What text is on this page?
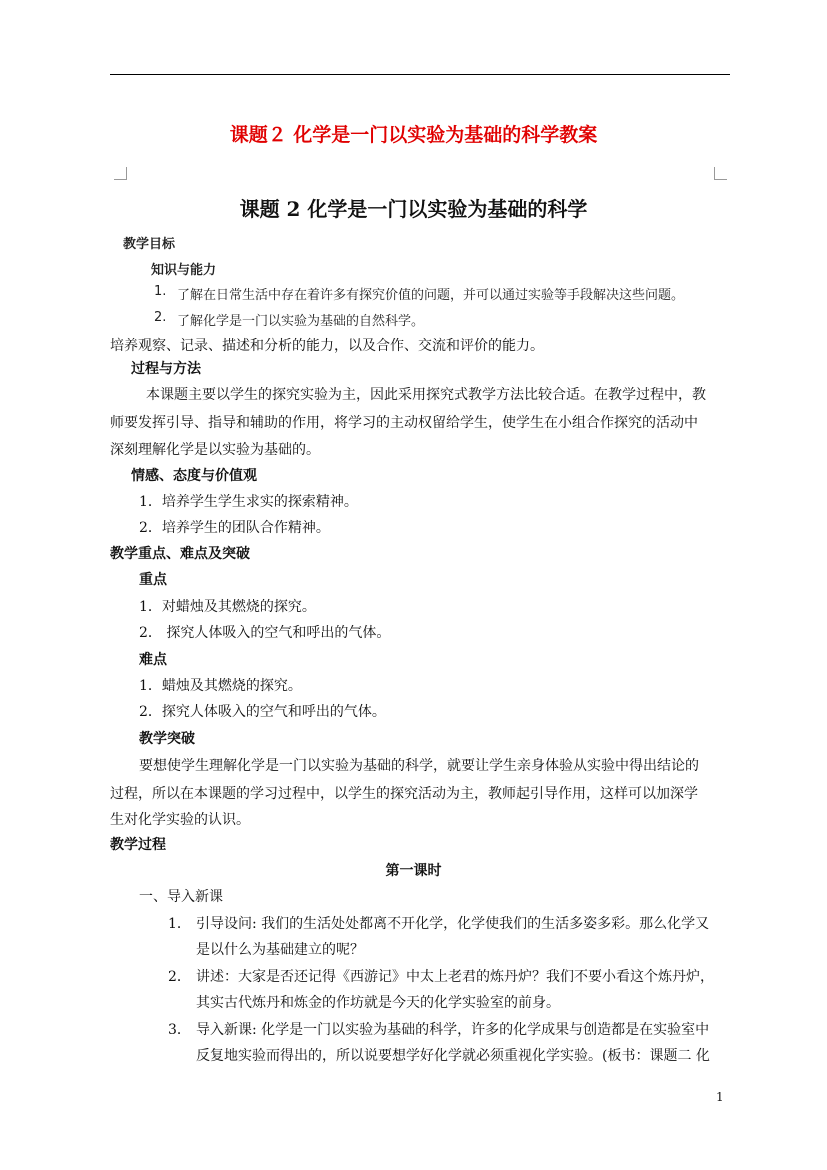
课题２ 化学是一门以实验为基础的科学教案
课题 2 化学是一门以实验为基础的科学
教学目标
知识与能力
1. 了解在日常生活中存在着许多有探究价值的问题，并可以通过实验等手段解决这些问题。
2. 了解化学是一门以实验为基础的自然科学。
培养观察、记录、描述和分析的能力，以及合作、交流和评价的能力。
过程与方法
本课题主要以学生的探究实验为主，因此采用探究式教学方法比较合适。在教学过程中，教
师要发挥引导、指导和辅助的作用，将学习的主动权留给学生，使学生在小组合作探究的活动中
深刻理解化学是以实验为基础的。
情感、态度与价值观
1．培养学生学生求实的探索精神。
2．培养学生的团队合作精神。
教学重点、难点及突破
重点
1．对蜡烛及其燃烧的探究。
2． 探究人体吸入的空气和呼出的气体。
难点
1．蜡烛及其燃烧的探究。
2．探究人体吸入的空气和呼出的气体。
教学突破
要想使学生理解化学是一门以实验为基础的科学，就要让学生亲身体验从实验中得出结论的
过程，所以在本课题的学习过程中，以学生的探究活动为主，教师起引导作用，这样可以加深学
生对化学实验的认识。
教学过程
第一课时
一、导入新课
1． 引导设问: 我们的生活处处都离不开化学，化学使我们的生活多姿多彩。那么化学又
是以什么为基础建立的呢？
2． 讲述：大家是否还记得《西游记》中太上老君的炼丹炉？我们不要小看这个炼丹炉，
其实古代炼丹和炼金的作坊就是今天的化学实验室的前身。
3． 导入新课: 化学是一门以实验为基础的科学，许多的化学成果与创造都是在实验室中
反复地实验而得出的，所以说要想学好化学就必须重视化学实验。(板书：课题二 化
1
